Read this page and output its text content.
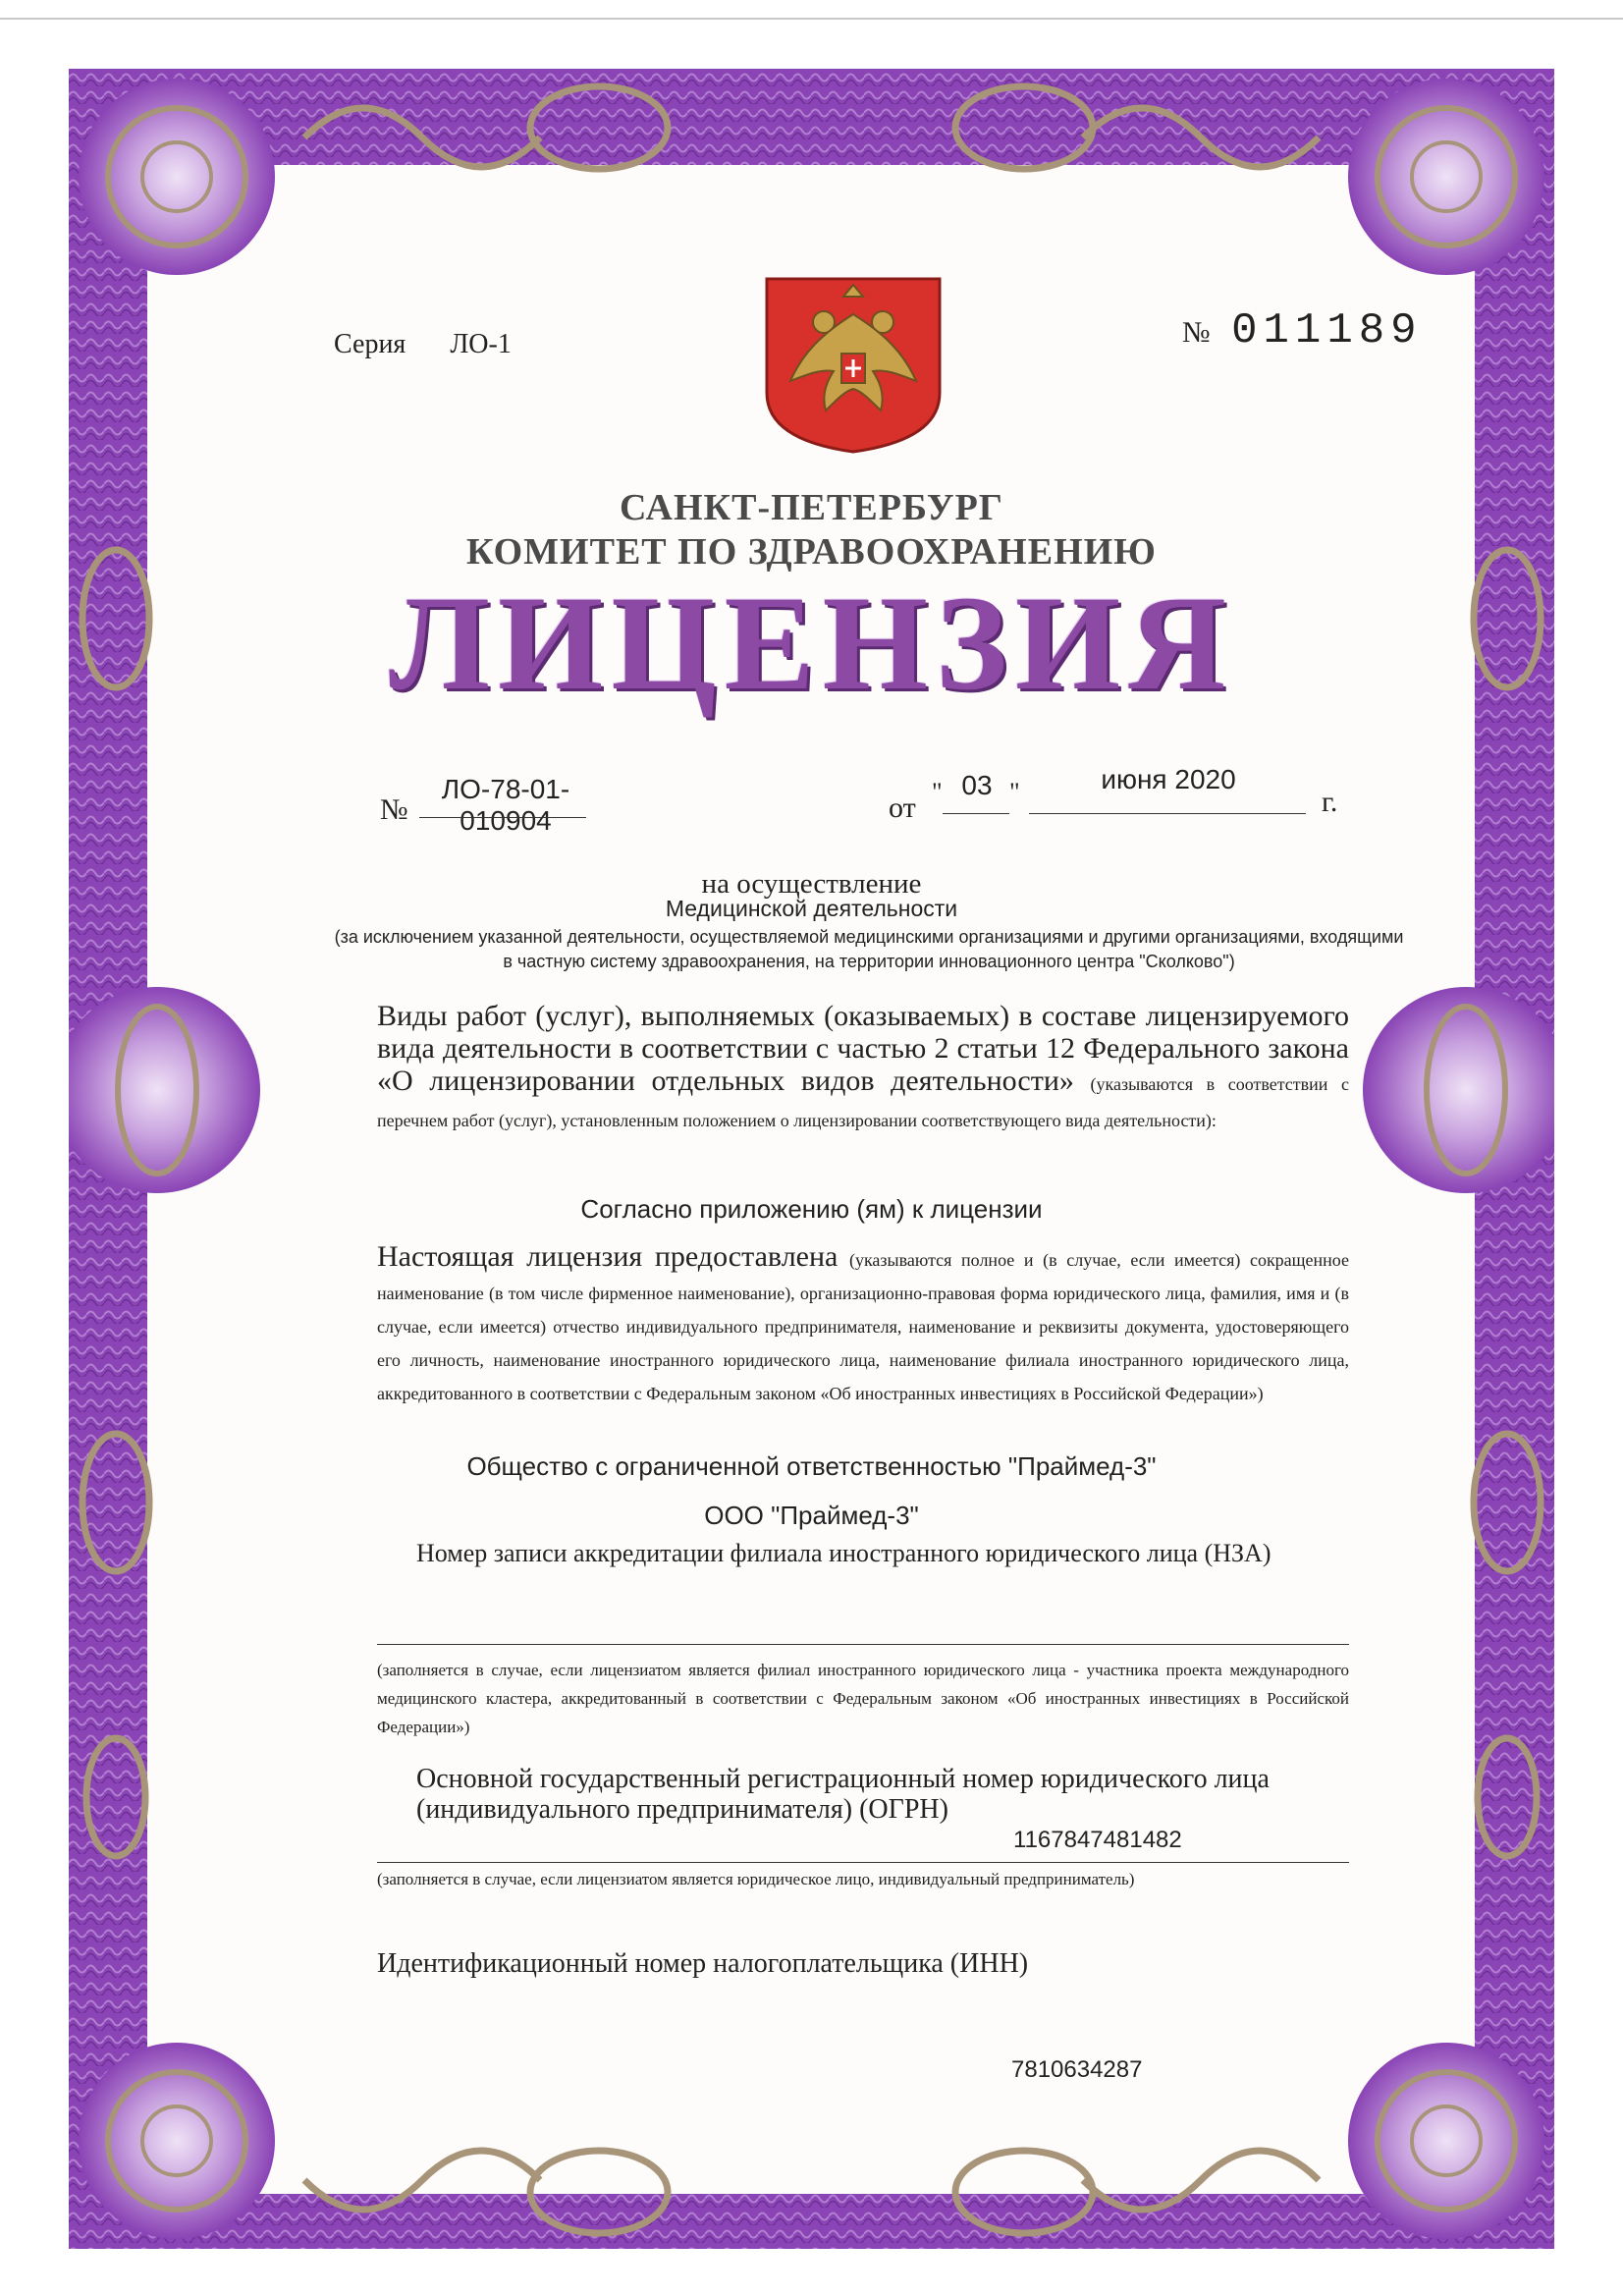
Серия ЛО-1	№ 011189
САНКТ-ПЕТЕРБУРГ
КОМИТЕТ ПО ЗДРАВООХРАНЕНИЮ
ЛИЦЕНЗИЯ
№
ЛО-78-01-010904	от " 03 "	июня 2020
г.
на осуществление
Медицинской деятельности
(за исключением указанной деятельности, осуществляемой медицинскими организациями и другими организациями, входящими в частную систему здравоохранения, на территории инновационного центра "Сколково")
Виды работ (услуг), выполняемых (оказываемых) в составе лицензируемого вида деятельности в соответствии с частью 2 статьи 12 Федерального закона «О лицензировании отдельных видов деятельности» (указываются в соответствии с перечнем работ (услуг), установленным положением о лицензировании соответствующего вида деятельности):
Согласно приложению (ям) к лицензии
Настоящая лицензия предоставлена (указываются полное и (в случае, если имеется) сокращенное наименование (в том числе фирменное наименование), организационно-правовая форма юридического лица, фамилия, имя и (в случае, если имеется) отчество индивидуального предпринимателя, наименование и реквизиты документа, удостоверяющего его личность, наименование иностранного юридического лица, наименование филиала иностранного юридического лица, аккредитованного в соответствии с Федеральным законом «Об иностранных инвестициях в Российской Федерации»)
Общество с ограниченной ответственностью "Праймед-3"
ООО "Праймед-3"
Номер записи аккредитации филиала иностранного юридического лица (НЗА)
(заполняется в случае, если лицензиатом является филиал иностранного юридического лица - участника проекта международного медицинского кластера, аккредитованный в соответствии с Федеральным законом «Об иностранных инвестициях в Российской Федерации»)
Основной государственный регистрационный номер юридического лица (индивидуального предпринимателя) (ОГРН)
1167847481482
(заполняется в случае, если лицензиатом является юридическое лицо, индивидуальный предприниматель)
Идентификационный номер налогоплательщика (ИНН)
7810634287
